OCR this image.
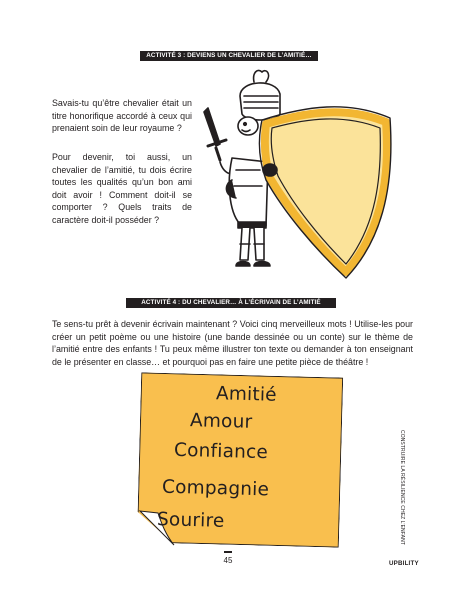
ACTIVITÉ 3 : DEVIENS UN CHEVALIER DE L’AMITIÉ…

Savais-tu qu’être chevalier était un titre honorifique accordé à ceux qui prenaient soin de leur royaume ?

Pour devenir, toi aussi, un chevalier de l’amitié, tu dois écrire toutes les qualités qu’un bon ami doit avoir ! Comment doit-il se comporter ? Quels traits de caractère doit-il posséder ?

ACTIVITÉ 4 : DU CHEVALIER… À L’ÉCRIVAIN DE L’AMITIÉ

Te sens-tu prêt à devenir écrivain maintenant ? Voici cinq merveilleux mots ! Utilise-les pour créer un petit poème ou une histoire (une bande dessinée ou un conte) sur le thème de l’amitié entre des enfants ! Tu peux même illustrer ton texte ou demander à ton enseignant de le présenter en classe… et pourquoi pas en faire une petite pièce de théâtre !

Amitié
Amour
Confiance
Compagnie
Sourire
45	UPBILITY
CONSTRUIRE LA RÉSILIENCE CHEZ L’ENFANT
